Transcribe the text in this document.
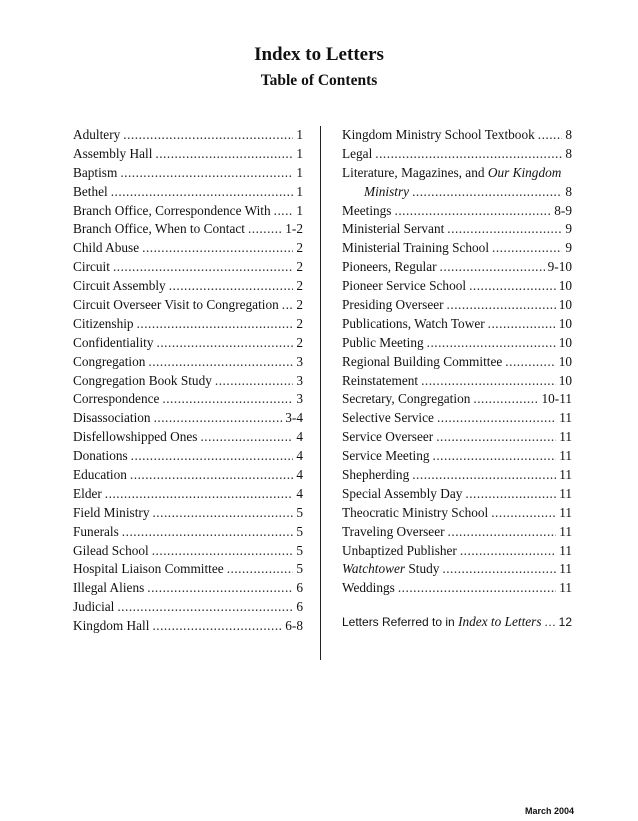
Index to Letters
Table of Contents
Adultery .....	1
Assembly Hall .....	1
Baptism .....	1
Bethel .....	1
Branch Office, Correspondence With ..... 1
Branch Office, When to Contact .....	1-2
Child Abuse .....	2
Circuit .....	2
Circuit Assembly .....	2
Circuit Overseer Visit to Congregation ..... 2
Citizenship .....	2
Confidentiality .....	2
Congregation .....	3
Congregation Book Study .....	3
Correspondence .....	3
Disassociation .....	3-4
Disfellowshipped Ones .....	4
Donations .....	4
Education .....	4
Elder .....	4
Field Ministry .....	5
Funerals .....	5
Gilead School .....	5
Hospital Liaison Committee .....	5
Illegal Aliens .....	6
Judicial .....	6
Kingdom Hall .....	6-8
Kingdom Ministry School Textbook ..... 8
Legal .....	8
Literature, Magazines, and Our Kingdom
Ministry .....	8
Meetings .....	8-9
Ministerial Servant .....	9
Ministerial Training School .....	9
Pioneers, Regular .....	9-10
Pioneer Service School .....	10
Presiding Overseer .....	10
Publications, Watch Tower .....	10
Public Meeting .....	10
Regional Building Committee .....	10
Reinstatement .....	10
Secretary, Congregation .....	10-11
Selective Service .....	11
Service Overseer .....	11
Service Meeting .....	11
Shepherding .....	11
Special Assembly Day .....	11
Theocratic Ministry School .....	11
Traveling Overseer .....	11
Unbaptized Publisher .....	11
Watchtower Study .....	11
Weddings .....	11
Letters Referred to in Index to Letters ..... 12
March 2004
